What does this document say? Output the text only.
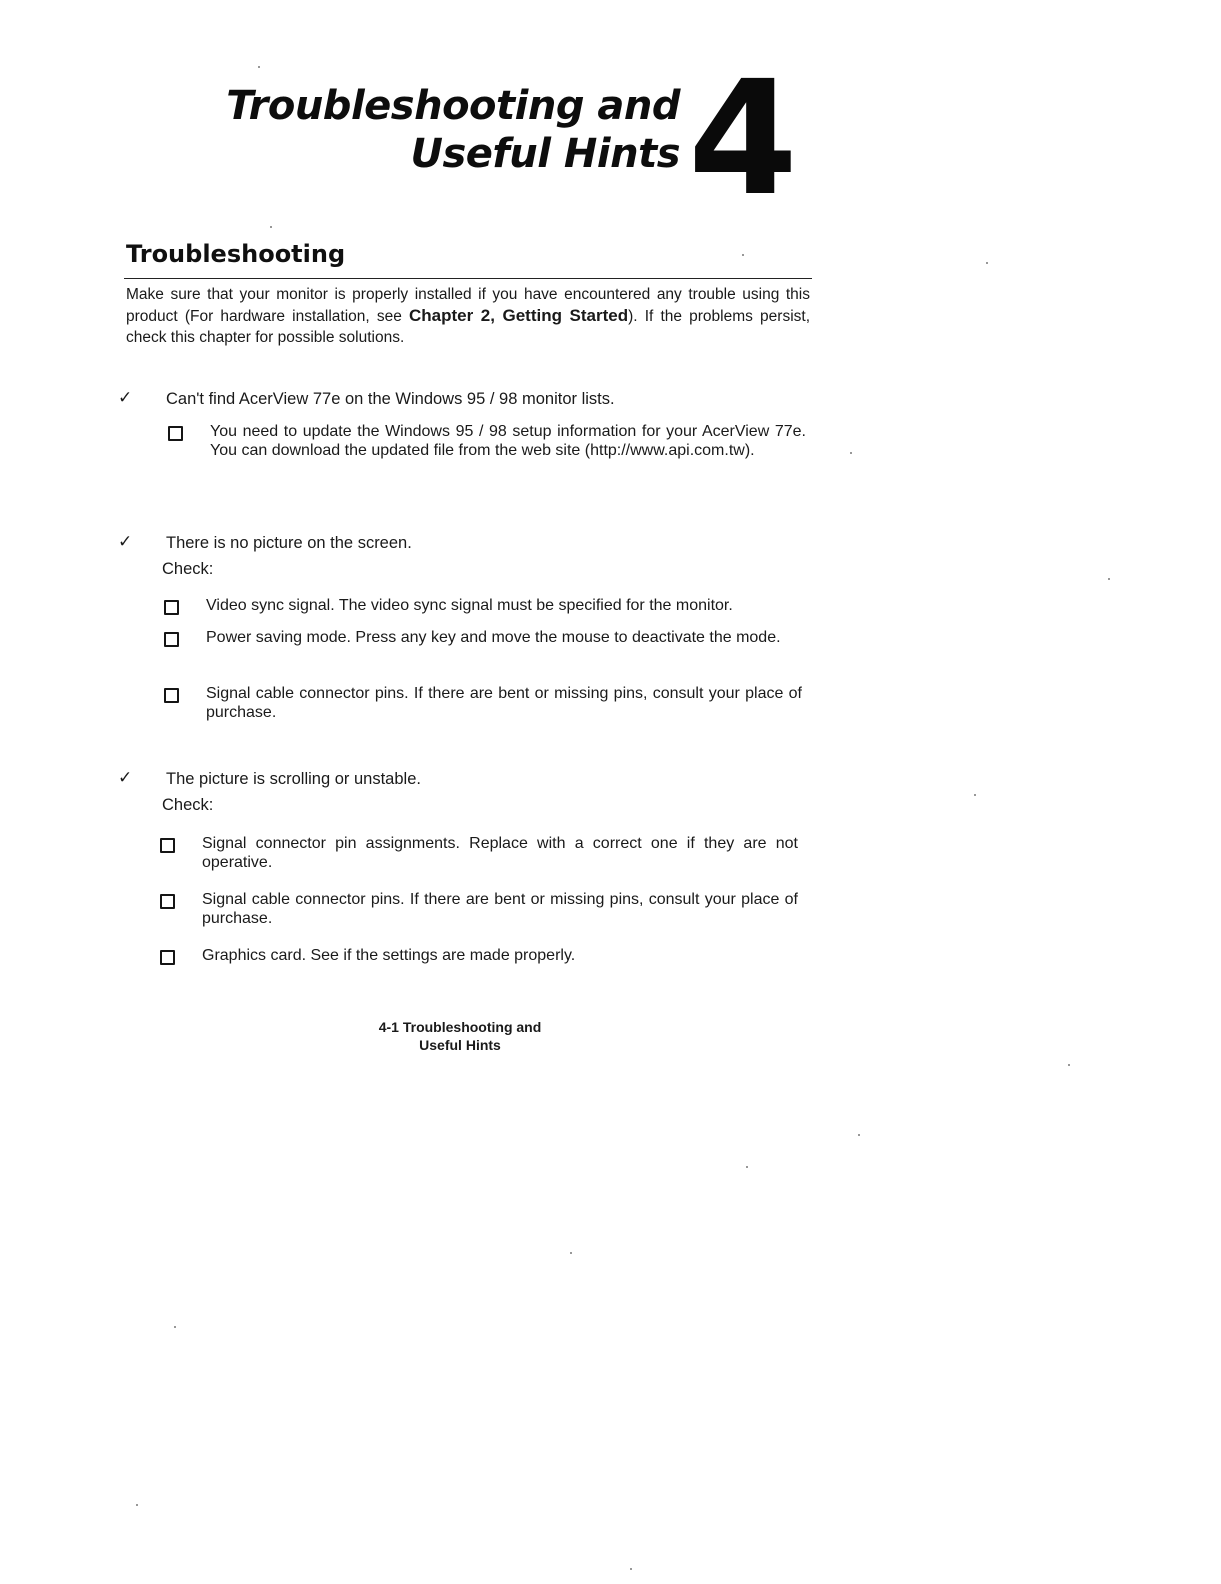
Troubleshooting and
Useful Hints 4
Troubleshooting

Make sure that your monitor is properly installed if you have encountered any trouble using this product (For hardware installation, see Chapter 2, Getting Started). If the problems persist, check this chapter for possible solutions.

✓	Can't find AcerView 77e on the Windows 95 / 98 monitor lists.
You need to update the Windows 95 / 98 setup information for your AcerView 77e. You can download the updated file from the web site (http://www.api.com.tw).
✓	There is no picture on the screen.
Check:
Video sync signal. The video sync signal must be specified for the monitor.
Power saving mode. Press any key and move the mouse to deactivate the mode.
Signal cable connector pins. If there are bent or missing pins, consult your place of purchase.
✓	The picture is scrolling or unstable.
Check:
Signal connector pin assignments. Replace with a correct one if they are not operative.
Signal cable connector pins. If there are bent or missing pins, consult your place of purchase.
Graphics card. See if the settings are made properly.
4-1 Troubleshooting and
Useful Hints
